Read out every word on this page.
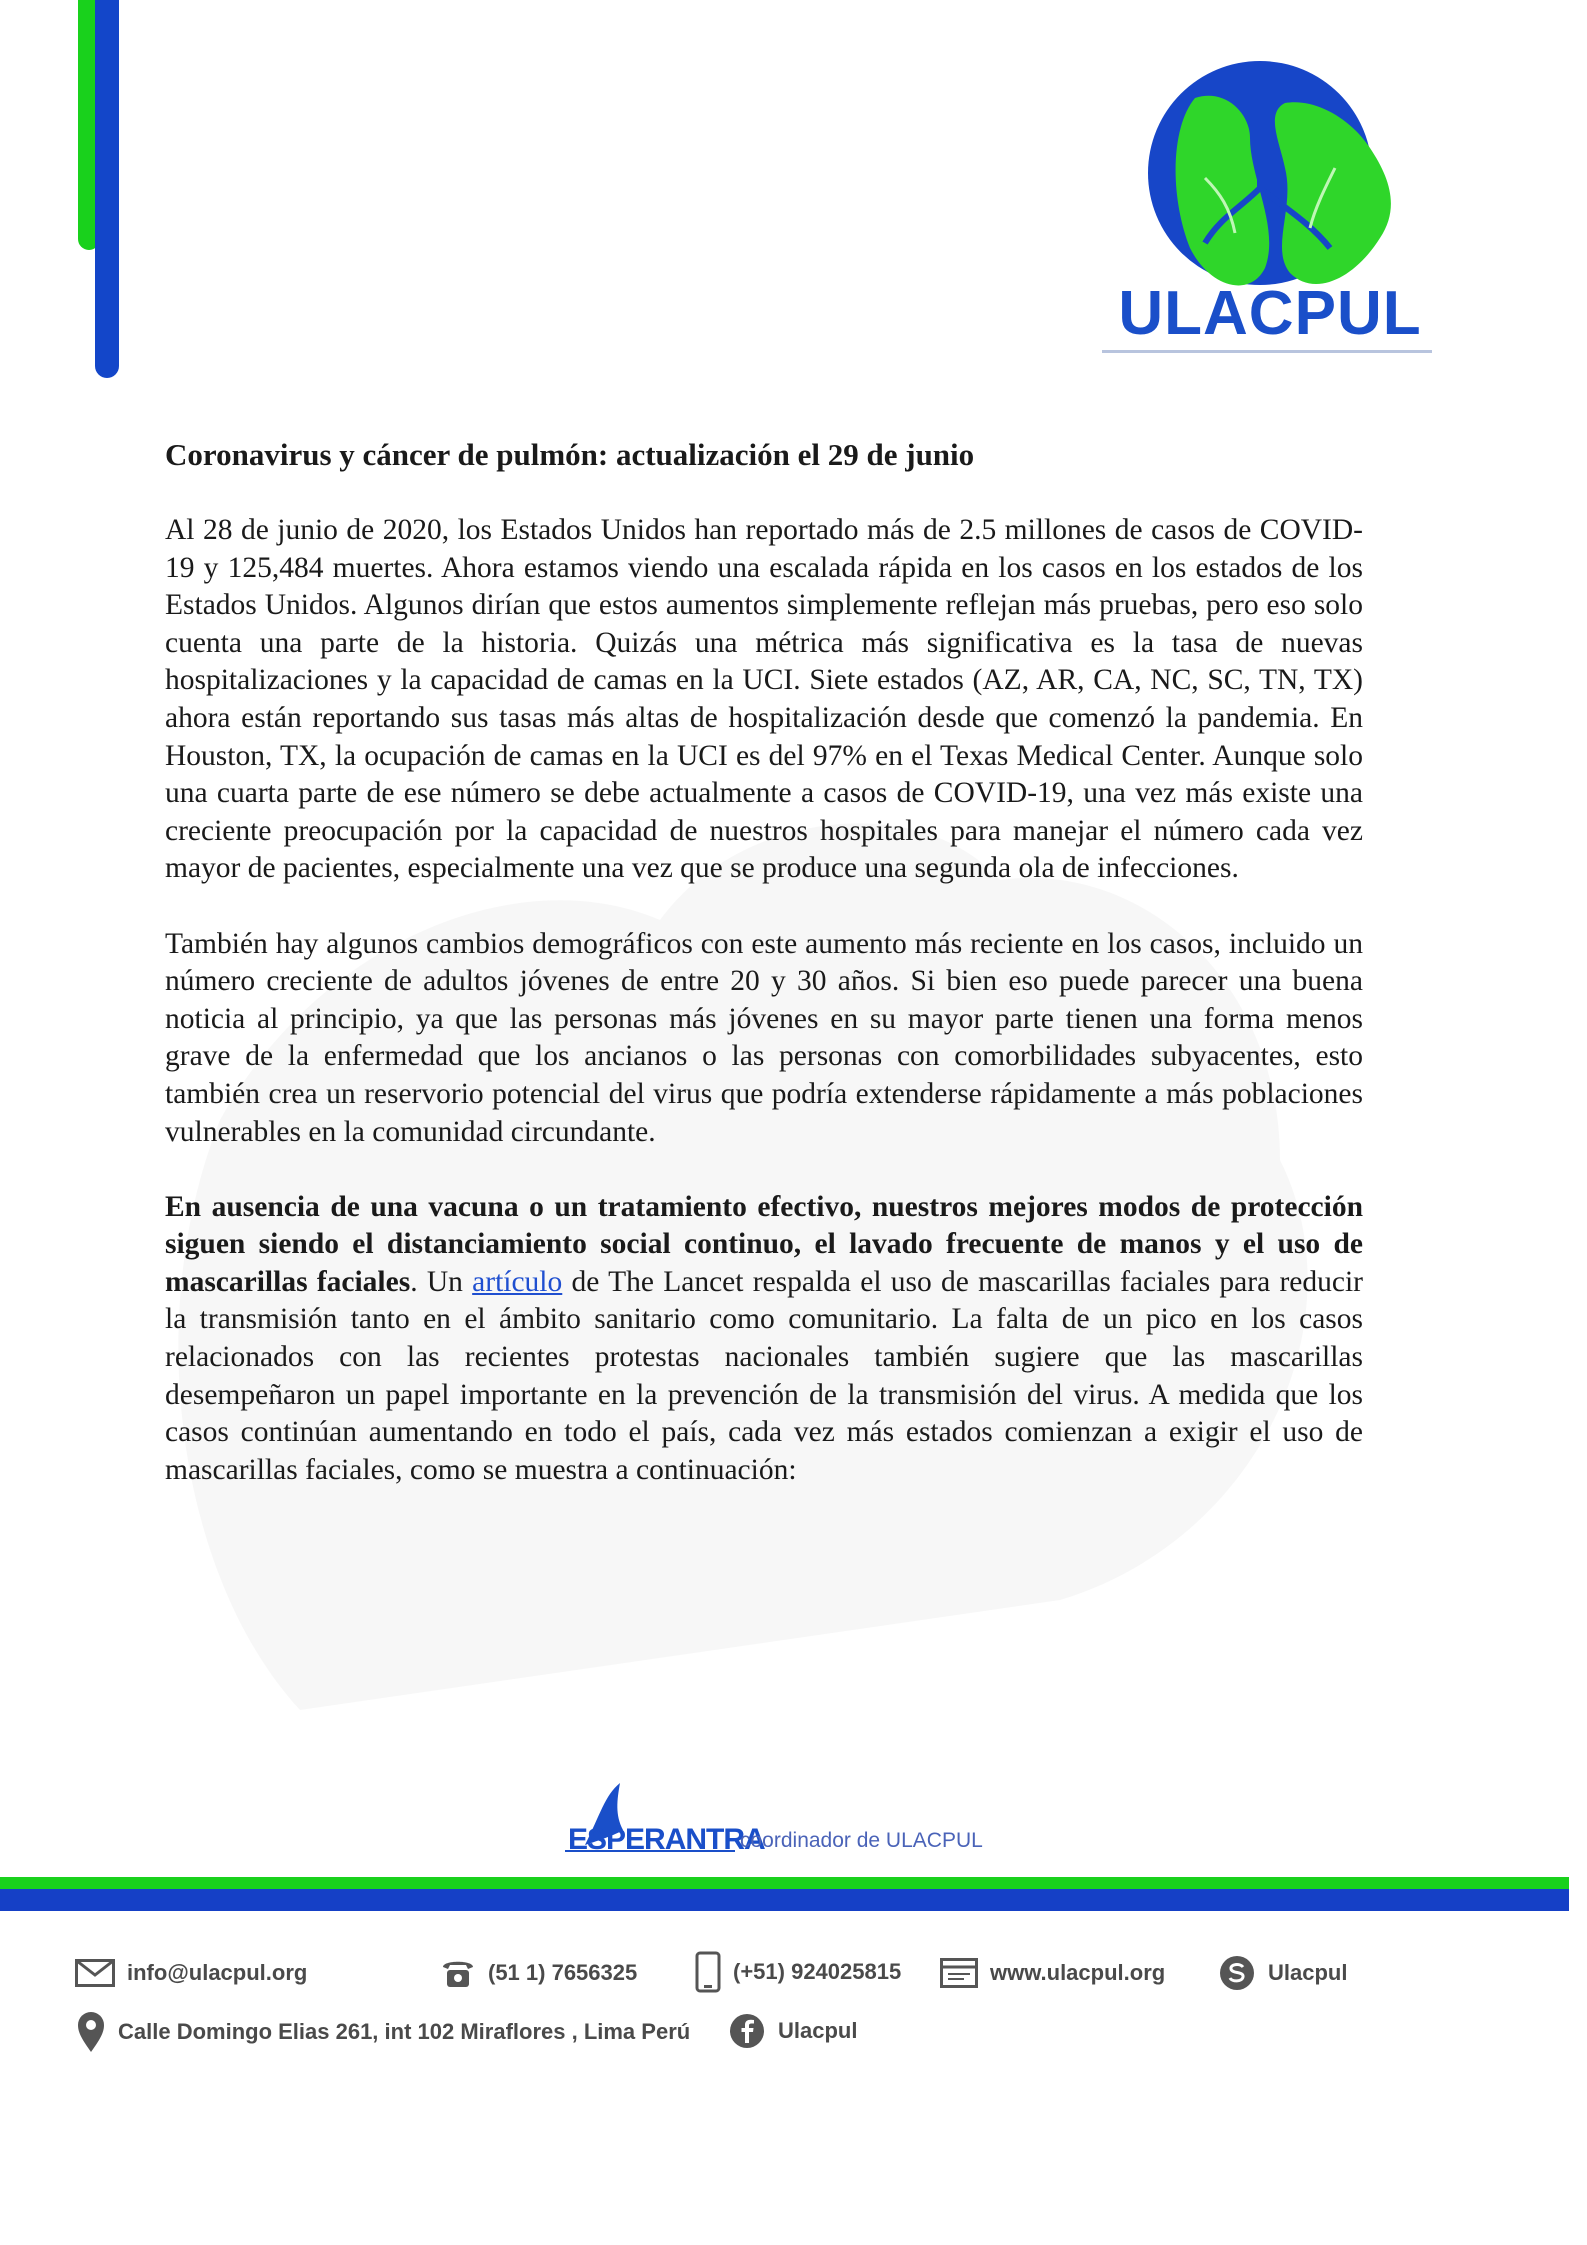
ULACPUL
Coronavirus y cáncer de pulmón: actualización el 29 de junio

Al 28 de junio de 2020, los Estados Unidos han reportado más de 2.5 millones de casos de COVID-19 y 125,484 muertes. Ahora estamos viendo una escalada rápida en los casos en los estados de los Estados Unidos. Algunos dirían que estos aumentos simplemente reflejan más pruebas, pero eso solo cuenta una parte de la historia. Quizás una métrica más significativa es la tasa de nuevas hospitalizaciones y la capacidad de camas en la UCI. Siete estados (AZ, AR, CA, NC, SC, TN, TX) ahora están reportando sus tasas más altas de hospitalización desde que comenzó la pandemia. En Houston, TX, la ocupación de camas en la UCI es del 97% en el Texas Medical Center. Aunque solo una cuarta parte de ese número se debe actualmente a casos de COVID-19, una vez más existe una creciente preocupación por la capacidad de nuestros hospitales para manejar el número cada vez mayor de pacientes, especialmente una vez que se produce una segunda ola de infecciones.

También hay algunos cambios demográficos con este aumento más reciente en los casos, incluido un número creciente de adultos jóvenes de entre 20 y 30 años. Si bien eso puede parecer una buena noticia al principio, ya que las personas más jóvenes en su mayor parte tienen una forma menos grave de la enfermedad que los ancianos o las personas con comorbilidades subyacentes, esto también crea un reservorio potencial del virus que podría extenderse rápidamente a más poblaciones vulnerables en la comunidad circundante.

En ausencia de una vacuna o un tratamiento efectivo, nuestros mejores modos de protección siguen siendo el distanciamiento social continuo, el lavado frecuente de manos y el uso de mascarillas faciales. Un artículo de The Lancet respalda el uso de mascarillas faciales para reducir la transmisión tanto en el ámbito sanitario como comunitario. La falta de un pico en los casos relacionados con las recientes protestas nacionales también sugiere que las mascarillas desempeñaron un papel importante en la prevención de la transmisión del virus. A medida que los casos continúan aumentando en todo el país, cada vez más estados comienzan a exigir el uso de mascarillas faciales, como se muestra a continuación:

ESPERANTRA
coordinador de ULACPUL
info@ulacpul.org	(51 1) 7656325	(+51) 924025815	www.ulacpul.org	Ulacpul
Calle Domingo Elias 261, int 102 Miraflores , Lima Perú	Ulacpul
